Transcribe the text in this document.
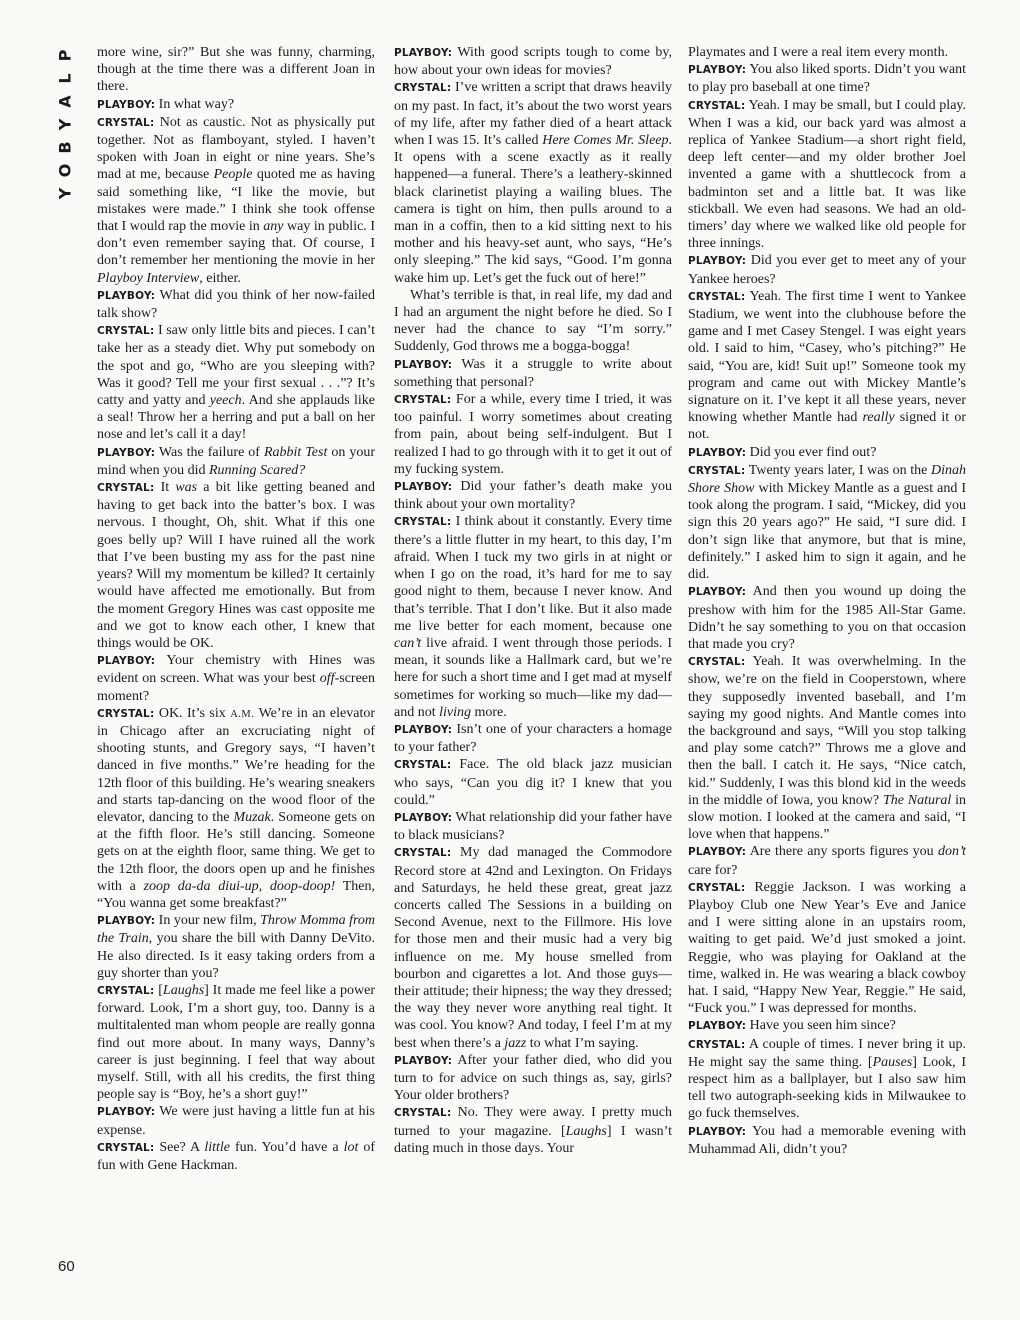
P
L
A
Y
B
O
Y
60

more wine, sir?” But she was funny, charming, though at the time there was a different Joan in there.

PLAYBOY: In what way?

CRYSTAL: Not as caustic. Not as physically put together. Not as flamboyant, styled. I haven’t spoken with Joan in eight or nine years. She’s mad at me, because People quoted me as having said something like, “I like the movie, but mistakes were made.” I think she took offense that I would rap the movie in any way in public. I don’t even remember saying that. Of course, I don’t remember her mentioning the movie in her Playboy Interview, either.

PLAYBOY: What did you think of her now-failed talk show?

CRYSTAL: I saw only little bits and pieces. I can’t take her as a steady diet. Why put somebody on the spot and go, “Who are you sleeping with? Was it good? Tell me your first sexual . . .”? It’s catty and yatty and yeech. And she applauds like a seal! Throw her a herring and put a ball on her nose and let’s call it a day!

PLAYBOY: Was the failure of Rabbit Test on your mind when you did Running Scared?

CRYSTAL: It was a bit like getting beaned and having to get back into the batter’s box. I was nervous. I thought, Oh, shit. What if this one goes belly up? Will I have ruined all the work that I’ve been busting my ass for the past nine years? Will my momentum be killed? It certainly would have affected me emotionally. But from the moment Gregory Hines was cast opposite me and we got to know each other, I knew that things would be OK.

PLAYBOY: Your chemistry with Hines was evident on screen. What was your best off-screen moment?

CRYSTAL: OK. It’s six A.M. We’re in an elevator in Chicago after an excruciating night of shooting stunts, and Gregory says, “I haven’t danced in five months.” We’re heading for the 12th floor of this building. He’s wearing sneakers and starts tap-dancing on the wood floor of the elevator, dancing to the Muzak. Someone gets on at the fifth floor. He’s still dancing. Someone gets on at the eighth floor, same thing. We get to the 12th floor, the doors open up and he finishes with a zoop da-da diui-up, doop-doop! Then, “You wanna get some breakfast?”

PLAYBOY: In your new film, Throw Momma from the Train, you share the bill with Danny DeVito. He also directed. Is it easy taking orders from a guy shorter than you?

CRYSTAL: [Laughs] It made me feel like a power forward. Look, I’m a short guy, too. Danny is a multitalented man whom people are really gonna find out more about. In many ways, Danny’s career is just beginning. I feel that way about myself. Still, with all his credits, the first thing people say is “Boy, he’s a short guy!”

PLAYBOY: We were just having a little fun at his expense.

CRYSTAL: See? A little fun. You’d have a lot of fun with Gene Hackman.

PLAYBOY: With good scripts tough to come by, how about your own ideas for movies?

CRYSTAL: I’ve written a script that draws heavily on my past. In fact, it’s about the two worst years of my life, after my father died of a heart attack when I was 15. It’s called Here Comes Mr. Sleep. It opens with a scene exactly as it really happened—a funeral. There’s a leathery-skinned black clarinetist playing a wailing blues. The camera is tight on him, then pulls around to a man in a coffin, then to a kid sitting next to his mother and his heavy-set aunt, who says, “He’s only sleeping.” The kid says, “Good. I’m gonna wake him up. Let’s get the fuck out of here!”

What’s terrible is that, in real life, my dad and I had an argument the night before he died. So I never had the chance to say “I’m sorry.” Suddenly, God throws me a bogga-bogga!

PLAYBOY: Was it a struggle to write about something that personal?

CRYSTAL: For a while, every time I tried, it was too painful. I worry sometimes about creating from pain, about being self-indulgent. But I realized I had to go through with it to get it out of my fucking system.

PLAYBOY: Did your father’s death make you think about your own mortality?

CRYSTAL: I think about it constantly. Every time there’s a little flutter in my heart, to this day, I’m afraid. When I tuck my two girls in at night or when I go on the road, it’s hard for me to say good night to them, because I never know. And that’s terrible. That I don’t like. But it also made me live better for each moment, because one can’t live afraid. I went through those periods. I mean, it sounds like a Hallmark card, but we’re here for such a short time and I get mad at myself sometimes for working so much—like my dad—and not living more.

PLAYBOY: Isn’t one of your characters a homage to your father?

CRYSTAL: Face. The old black jazz musician who says, “Can you dig it? I knew that you could.”

PLAYBOY: What relationship did your father have to black musicians?

CRYSTAL: My dad managed the Commodore Record store at 42nd and Lexington. On Fridays and Saturdays, he held these great, great jazz concerts called The Sessions in a building on Second Avenue, next to the Fillmore. His love for those men and their music had a very big influence on me. My house smelled from bourbon and cigarettes a lot. And those guys—their attitude; their hipness; the way they dressed; the way they never wore anything real tight. It was cool. You know? And today, I feel I’m at my best when there’s a jazz to what I’m saying.

PLAYBOY: After your father died, who did you turn to for advice on such things as, say, girls? Your older brothers?

CRYSTAL: No. They were away. I pretty much turned to your magazine. [Laughs] I wasn’t dating much in those days. Your

Playmates and I were a real item every month.

PLAYBOY: You also liked sports. Didn’t you want to play pro baseball at one time?

CRYSTAL: Yeah. I may be small, but I could play. When I was a kid, our back yard was almost a replica of Yankee Stadium—a short right field, deep left center—and my older brother Joel invented a game with a shuttlecock from a badminton set and a little bat. It was like stickball. We even had seasons. We had an old-timers’ day where we walked like old people for three innings.

PLAYBOY: Did you ever get to meet any of your Yankee heroes?

CRYSTAL: Yeah. The first time I went to Yankee Stadium, we went into the clubhouse before the game and I met Casey Stengel. I was eight years old. I said to him, “Casey, who’s pitching?” He said, “You are, kid! Suit up!” Someone took my program and came out with Mickey Mantle’s signature on it. I’ve kept it all these years, never knowing whether Mantle had really signed it or not.

PLAYBOY: Did you ever find out?

CRYSTAL: Twenty years later, I was on the Dinah Shore Show with Mickey Mantle as a guest and I took along the program. I said, “Mickey, did you sign this 20 years ago?” He said, “I sure did. I don’t sign like that anymore, but that is mine, definitely.” I asked him to sign it again, and he did.

PLAYBOY: And then you wound up doing the preshow with him for the 1985 All-Star Game. Didn’t he say something to you on that occasion that made you cry?

CRYSTAL: Yeah. It was overwhelming. In the show, we’re on the field in Cooperstown, where they supposedly invented baseball, and I’m saying my good nights. And Mantle comes into the background and says, “Will you stop talking and play some catch?” Throws me a glove and then the ball. I catch it. He says, “Nice catch, kid.” Suddenly, I was this blond kid in the weeds in the middle of Iowa, you know? The Natural in slow motion. I looked at the camera and said, “I love when that happens.”

PLAYBOY: Are there any sports figures you don’t care for?

CRYSTAL: Reggie Jackson. I was working a Playboy Club one New Year’s Eve and Janice and I were sitting alone in an upstairs room, waiting to get paid. We’d just smoked a joint. Reggie, who was playing for Oakland at the time, walked in. He was wearing a black cowboy hat. I said, “Happy New Year, Reggie.” He said, “Fuck you.” I was depressed for months.

PLAYBOY: Have you seen him since?

CRYSTAL: A couple of times. I never bring it up. He might say the same thing. [Pauses] Look, I respect him as a ballplayer, but I also saw him tell two autograph-seeking kids in Milwaukee to go fuck themselves.

PLAYBOY: You had a memorable evening with Muhammad Ali, didn’t you?
